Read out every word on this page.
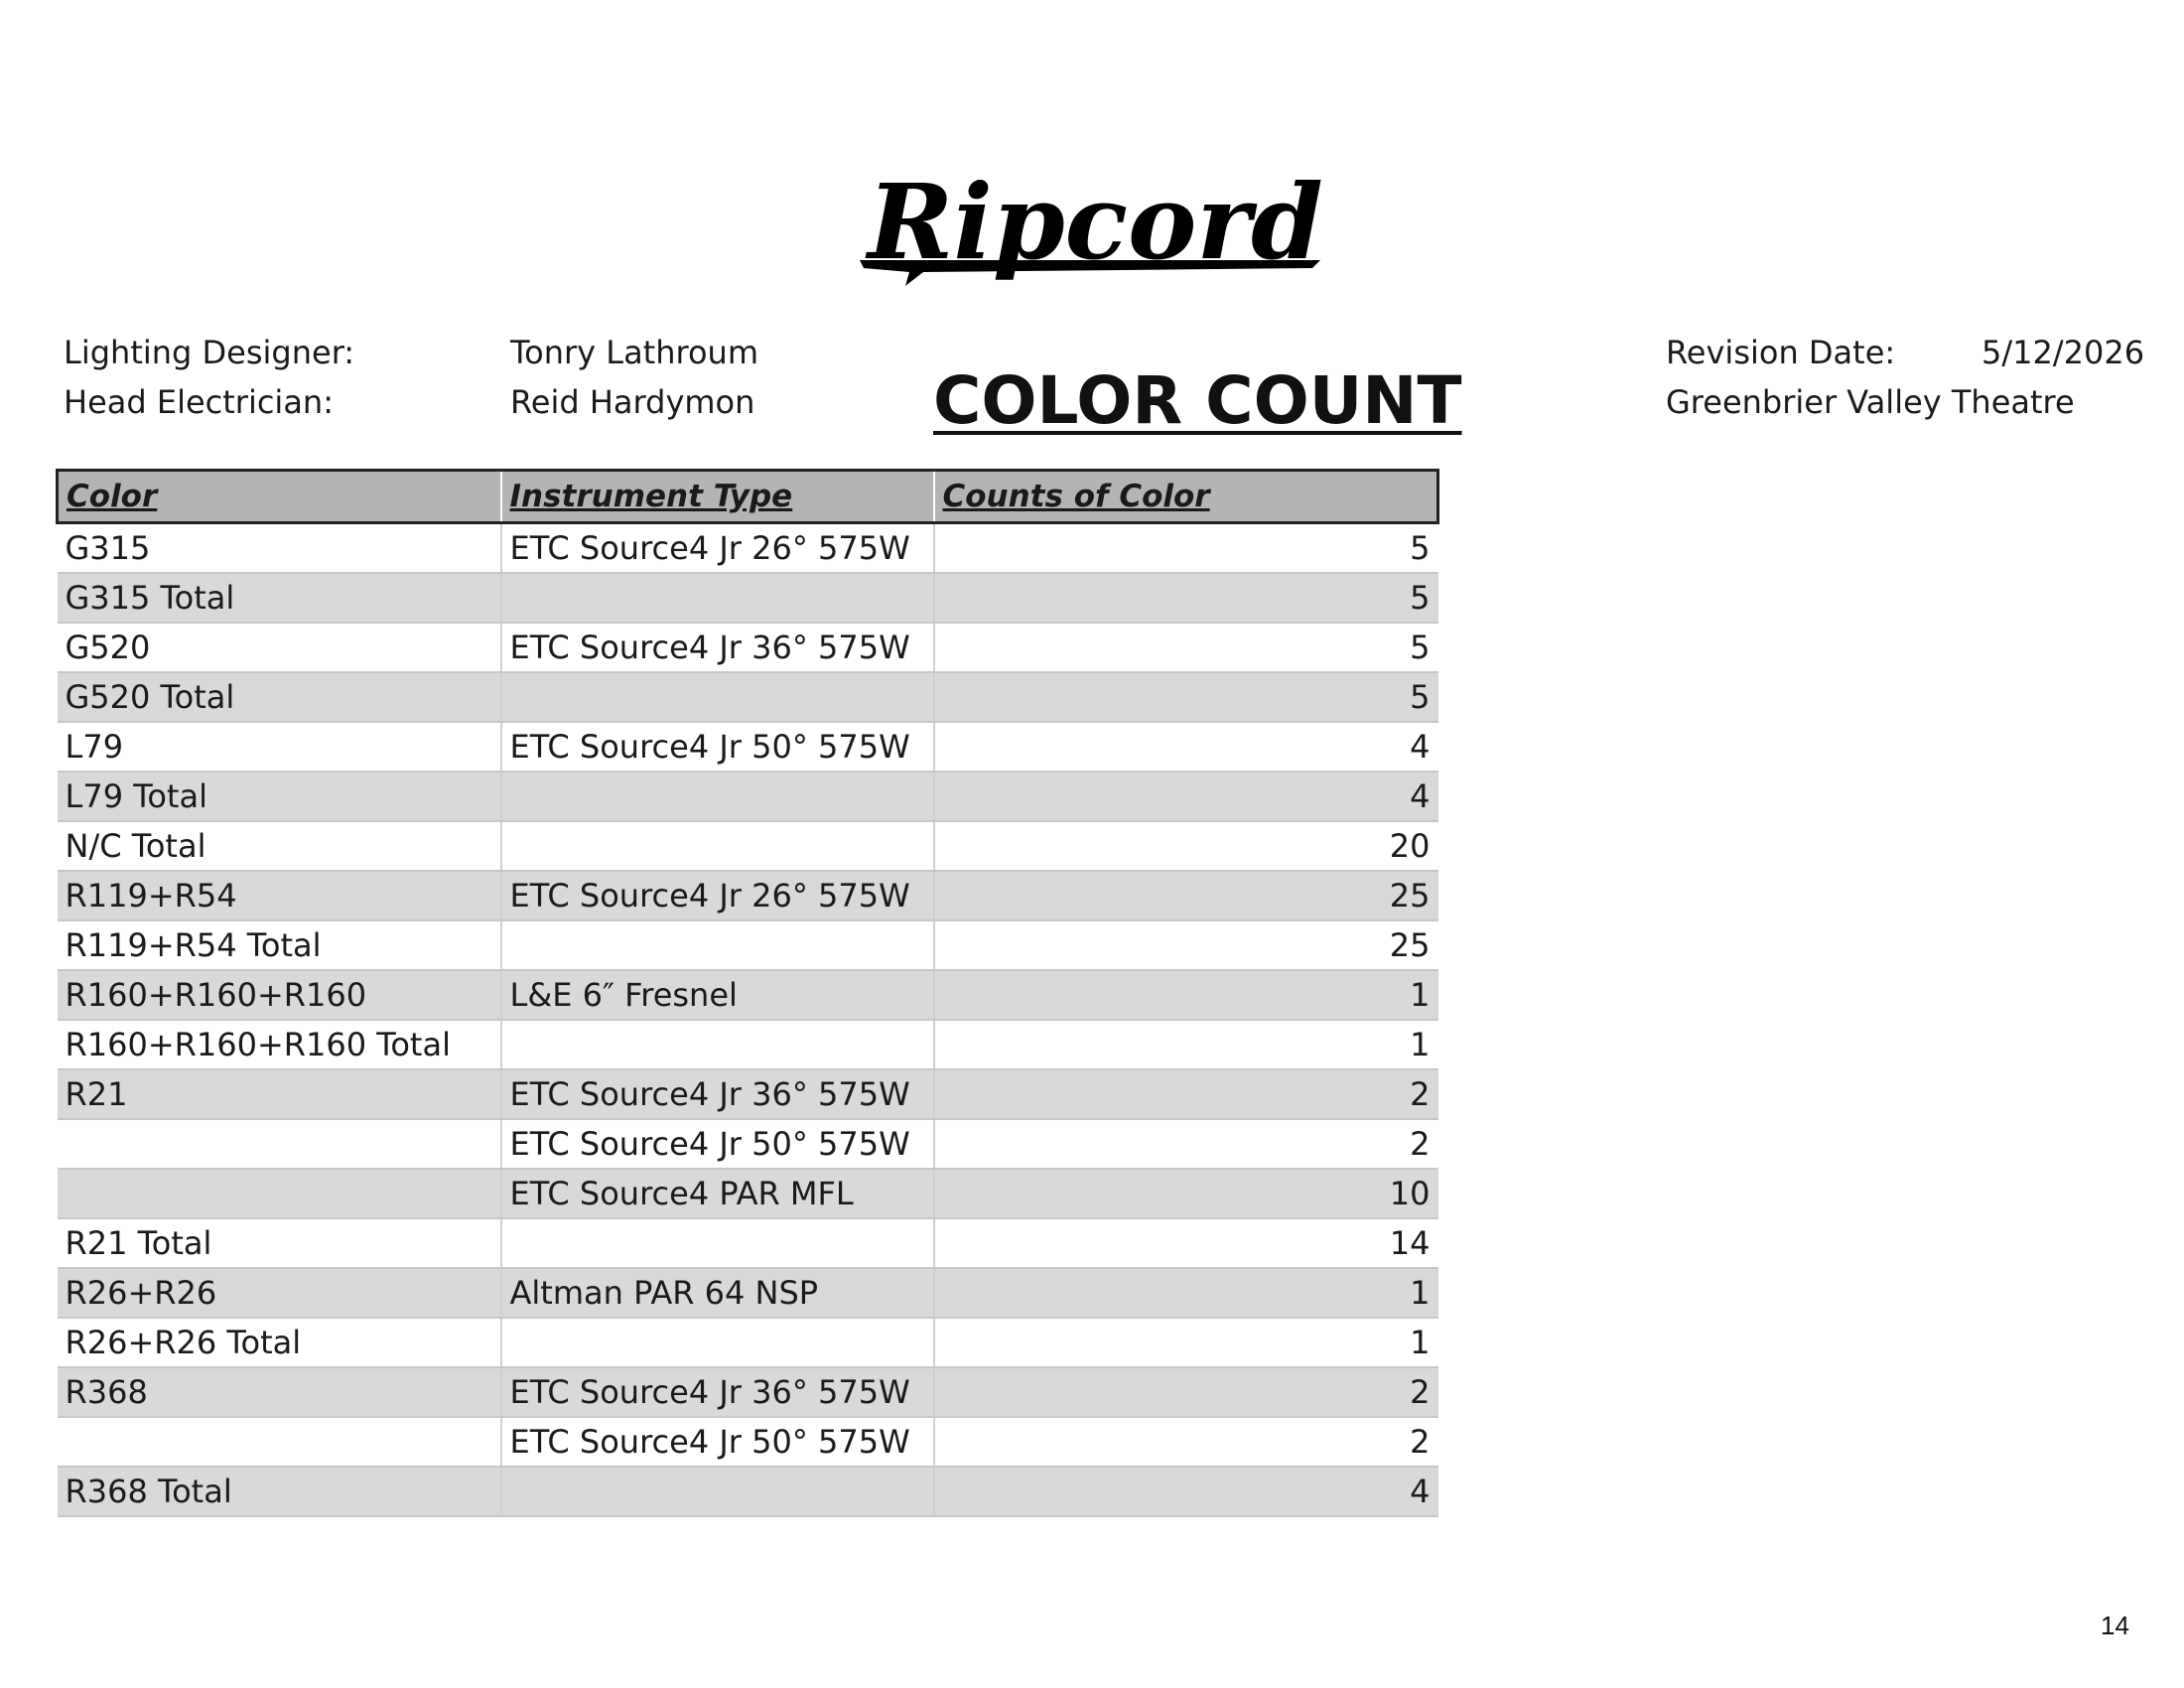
Ripcord
Lighting Designer:	Tonry Lathroum
Head Electrician:	Reid Hardymon
Revision Date:	5/12/2026
Greenbrier Valley Theatre
COLOR COUNT
Color	Instrument Type	Counts of Color
G315	ETC Source4 Jr 26° 575W	5
G315 Total		5
G520	ETC Source4 Jr 36° 575W	5
G520 Total		5
L79	ETC Source4 Jr 50° 575W	4
L79 Total		4
N/C Total		20
R119+R54	ETC Source4 Jr 26° 575W	25
R119+R54 Total		25
R160+R160+R160	L&E 6″ Fresnel	1
R160+R160+R160 Total		1
R21	ETC Source4 Jr 36° 575W	2
	ETC Source4 Jr 50° 575W	2
	ETC Source4 PAR MFL	10
R21 Total		14
R26+R26	Altman PAR 64 NSP	1
R26+R26 Total		1
R368	ETC Source4 Jr 36° 575W	2
	ETC Source4 Jr 50° 575W	2
R368 Total		4
14
